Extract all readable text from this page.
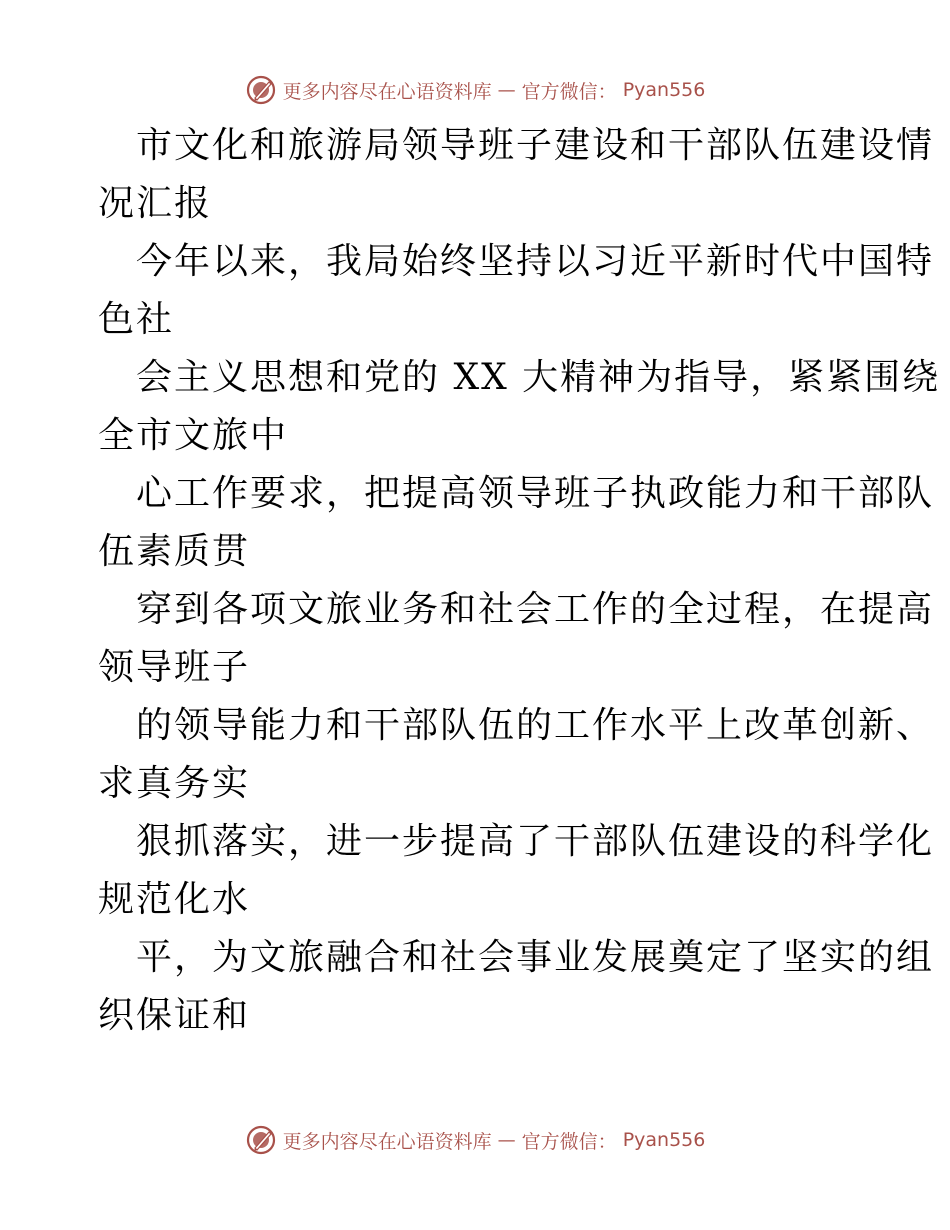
更多内容尽在心语资料库 — 官方微信： Pyan556
市文化和旅游局领导班子建设和干部队伍建设情
况汇报
今年以来，我局始终坚持以习近平新时代中国特
色社
会主义思想和党的 XX 大精神为指导，紧紧围绕
全市文旅中
心工作要求，把提高领导班子执政能力和干部队
伍素质贯
穿到各项文旅业务和社会工作的全过程，在提高
领导班子
的领导能力和干部队伍的工作水平上改革创新、
求真务实
狠抓落实，进一步提高了干部队伍建设的科学化
规范化水
平，为文旅融合和社会事业发展奠定了坚实的组
织保证和
更多内容尽在心语资料库 — 官方微信： Pyan556
